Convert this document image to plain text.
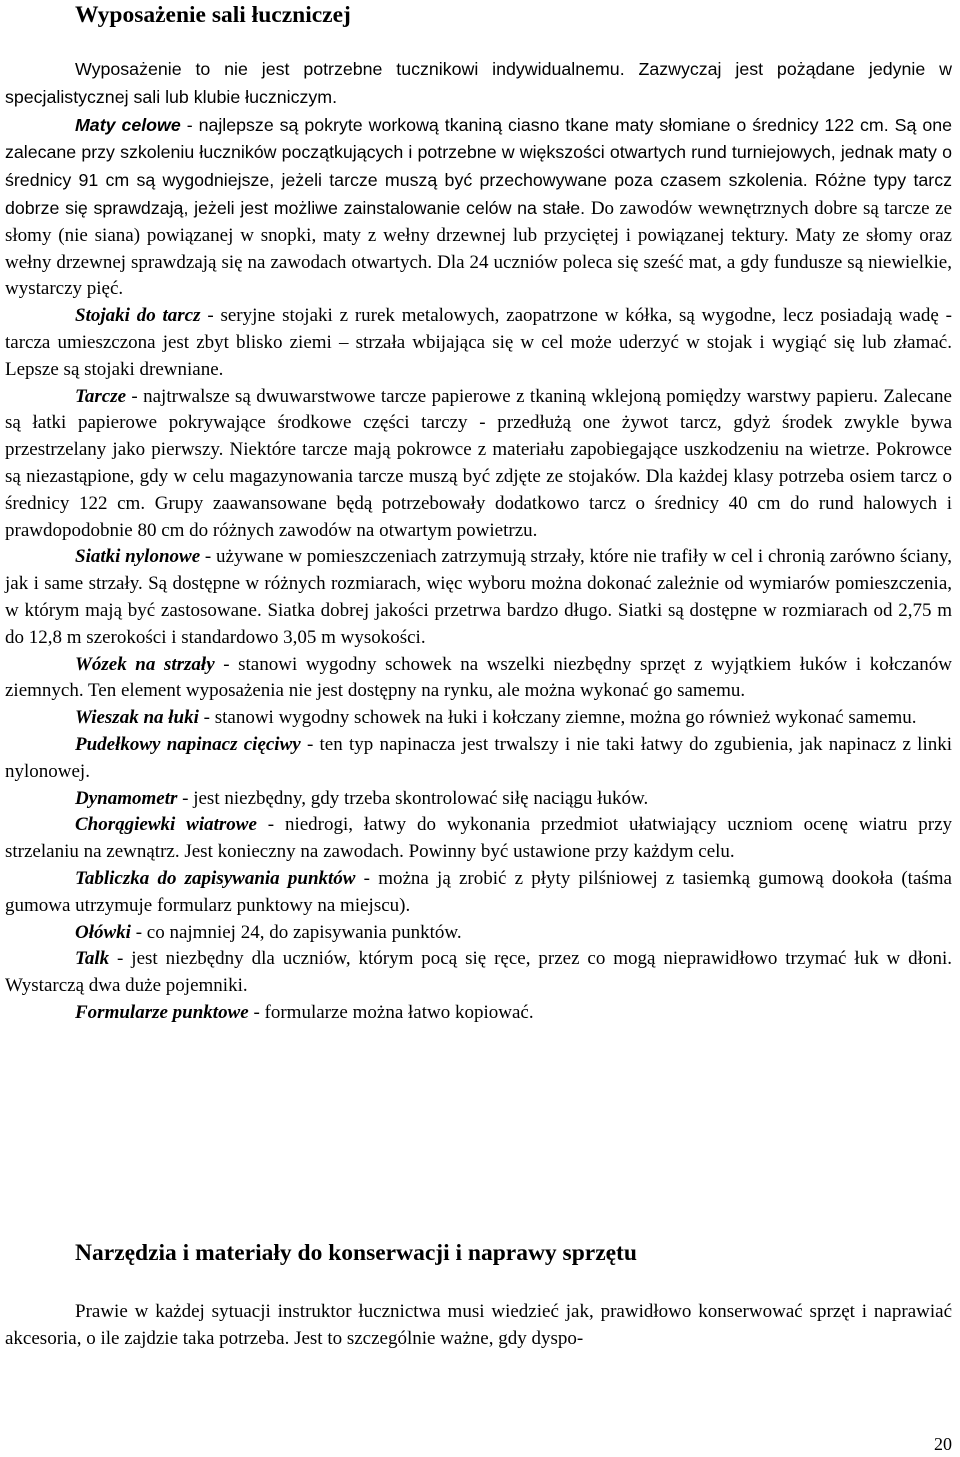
Wyposażenie sali łuczniczej

Wyposażenie to nie jest potrzebne tucznikowi indywidualnemu. Zazwyczaj jest pożądane jedynie w specjalistycznej sali lub klubie łuczniczym.

Maty celowe - najlepsze są pokryte workową tkaniną ciasno tkane maty słomiane o średnicy 122 cm. Są one zalecane przy szkoleniu łuczników początkujących i potrzebne w większości otwartych rund turniejowych, jednak maty o średnicy 91 cm są wygodniejsze, jeżeli tarcze muszą być przechowywane poza czasem szkolenia. Różne typy tarcz dobrze się sprawdzają, jeżeli jest możliwe zainstalowanie celów na stałe. Do zawodów wewnętrznych dobre są tarcze ze słomy (nie siana) powiązanej w snopki, maty z wełny drzewnej lub przyciętej i powiązanej tektury. Maty ze słomy oraz wełny drzewnej sprawdzają się na zawodach otwartych. Dla 24 uczniów poleca się sześć mat, a gdy fundusze są niewielkie, wystarczy pięć.

Stojaki do tarcz - seryjne stojaki z rurek metalowych, zaopatrzone w kółka, są wygodne, lecz posiadają wadę - tarcza umieszczona jest zbyt blisko ziemi – strzała wbijająca się w cel może uderzyć w stojak i wygiąć się lub złamać. Lepsze są stojaki drewniane.

Tarcze - najtrwalsze są dwuwarstwowe tarcze papierowe z tkaniną wklejoną pomiędzy warstwy papieru. Zalecane są łatki papierowe pokrywające środkowe części tarczy - przedłużą one żywot tarcz, gdyż środek zwykle bywa przestrzelany jako pierwszy. Niektóre tarcze mają pokrowce z materiału zapobiegające uszkodzeniu na wietrze. Pokrowce są niezastąpione, gdy w celu magazynowania tarcze muszą być zdjęte ze stojaków. Dla każdej klasy potrzeba osiem tarcz o średnicy 122 cm. Grupy zaawansowane będą potrzebowały dodatkowo tarcz o średnicy 40 cm do rund halowych i prawdopodobnie 80 cm do różnych zawodów na otwartym powietrzu.

Siatki nylonowe - używane w pomieszczeniach zatrzymują strzały, które nie trafiły w cel i chronią zarówno ściany, jak i same strzały. Są dostępne w różnych rozmiarach, więc wyboru można dokonać zależnie od wymiarów pomieszczenia, w którym mają być zastosowane. Siatka dobrej jakości przetrwa bardzo długo. Siatki są dostępne w rozmiarach od 2,75 m do 12,8 m szerokości i standardowo 3,05 m wysokości.

Wózek na strzały - stanowi wygodny schowek na wszelki niezbędny sprzęt z wyjątkiem łuków i kołczanów ziemnych. Ten element wyposażenia nie jest dostępny na rynku, ale można wykonać go samemu.

Wieszak na łuki - stanowi wygodny schowek na łuki i kołczany ziemne, można go również wykonać samemu.

Pudełkowy napinacz cięciwy - ten typ napinacza jest trwalszy i nie taki łatwy do zgubienia, jak napinacz z linki nylonowej.

Dynamometr - jest niezbędny, gdy trzeba skontrolować siłę naciągu łuków.

Chorągiewki wiatrowe - niedrogi, łatwy do wykonania przedmiot ułatwiający uczniom ocenę wiatru przy strzelaniu na zewnątrz. Jest konieczny na zawodach. Powinny być ustawione przy każdym celu.

Tabliczka do zapisywania punktów - można ją zrobić z płyty pilśniowej z tasiemką gumową dookoła (taśma gumowa utrzymuje formularz punktowy na miejscu).

Ołówki - co najmniej 24, do zapisywania punktów.

Talk - jest niezbędny dla uczniów, którym pocą się ręce, przez co mogą nieprawidłowo trzymać łuk w dłoni. Wystarczą dwa duże pojemniki.

Formularze punktowe - formularze można łatwo kopiować.

Narzędzia i materiały do konserwacji i naprawy sprzętu

Prawie w każdej sytuacji instruktor łucznictwa musi wiedzieć jak, prawidłowo konserwować sprzęt i naprawiać akcesoria, o ile zajdzie taka potrzeba. Jest to szczególnie ważne, gdy dyspo-

20
